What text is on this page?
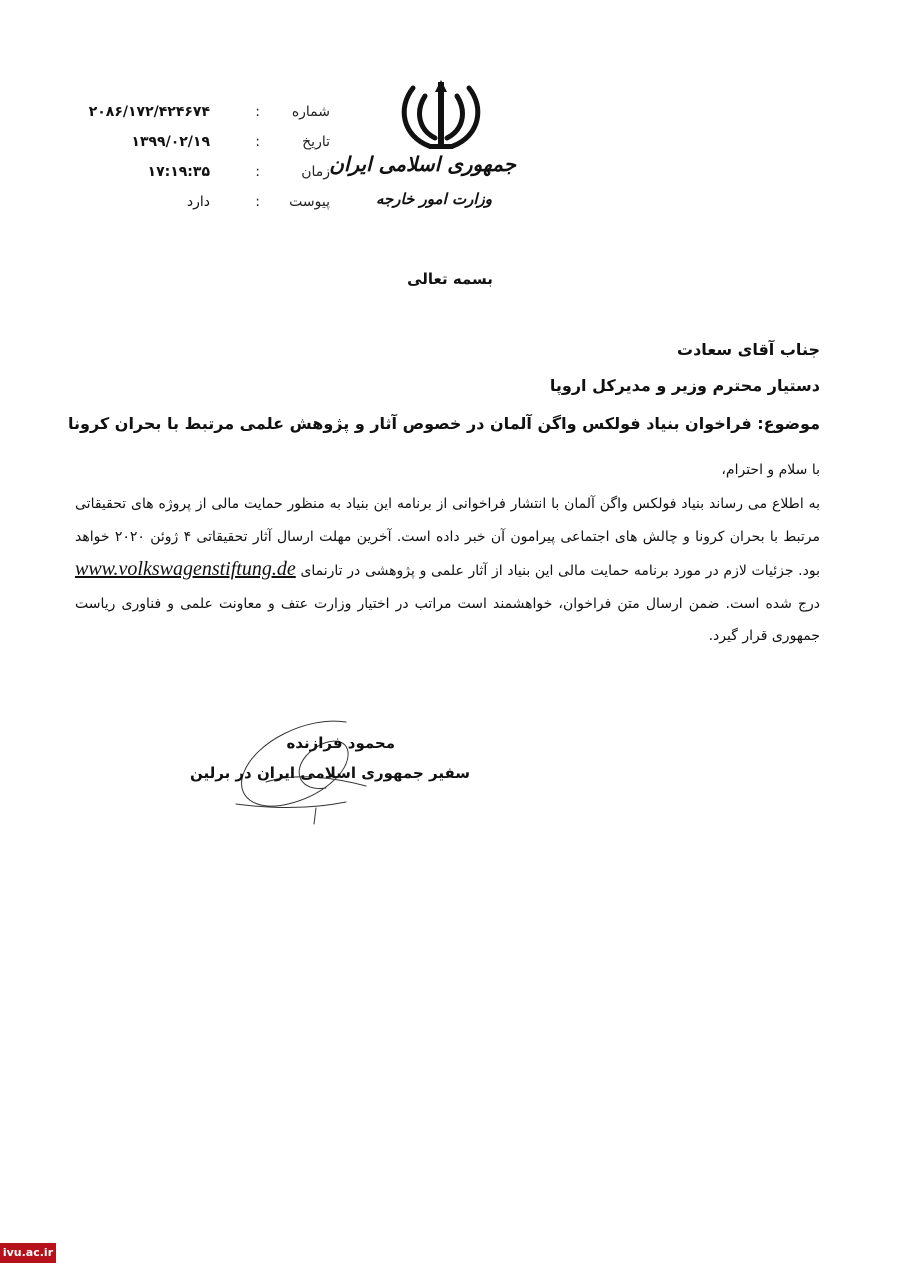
جمهوری اسلامی ایران
وزارت امور خارجه
شماره
:
۲۰۸۶/۱۷۲/۴۲۴۶۷۴
تاریخ
:
۱۳۹۹/۰۲/۱۹
زمان
:
۱۷:۱۹:۳۵
پیوست
:
دارد
بسمه تعالی
جناب آقای سعادت
دستیار محترم وزیر و مدیرکل اروپا
موضوع: فراخوان بنیاد فولکس واگن آلمان در خصوص آثار و پژوهش علمی مرتبط با بحران کرونا
با سلام و احترام،
به اطلاع می رساند بنیاد فولکس واگن آلمان با انتشار فراخوانی از برنامه این بنیاد به منظور حمایت مالی از پروژه های تحقیقاتی مرتبط با بحران کرونا و چالش های اجتماعی پیرامون آن خبر داده است. آخرین مهلت ارسال آثار تحقیقاتی ۴ ژوئن ۲۰۲۰ خواهد بود. جزئیات لازم در مورد برنامه حمایت مالی این بنیاد از آثار علمی و پژوهشی در تارنمای www.volkswagenstiftung.de درج شده است. ضمن ارسال متن فراخوان، خواهشمند است مراتب در اختیار وزارت عتف و معاونت علمی و فناوری ریاست جمهوری قرار گیرد.
محمود فرازنده
سفیر جمهوری اسلامی ایران در برلین
ivu.ac.ir
